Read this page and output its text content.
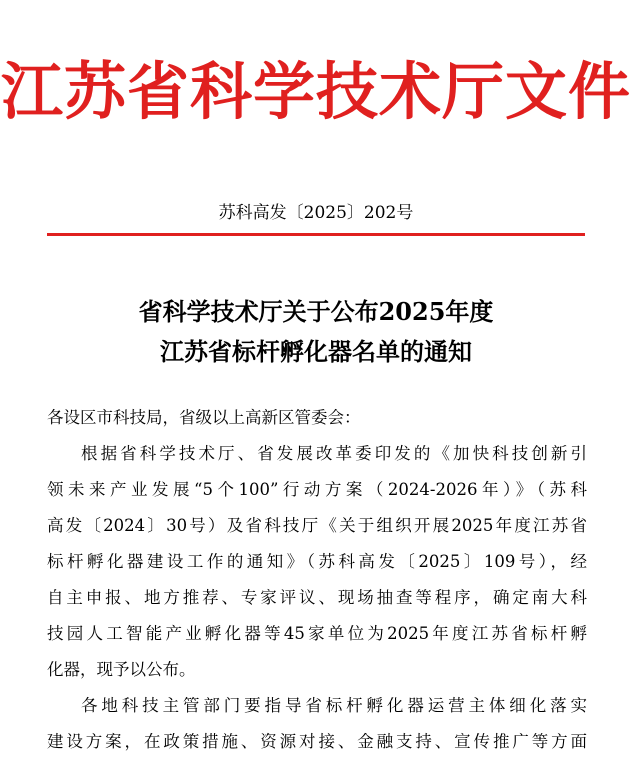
江苏省科学技术厅文件
苏科高发〔2025〕202号
省科学技术厅关于公布2025年度
江苏省标杆孵化器名单的通知
各设区市科技局，省级以上高新区管委会：
根据省科学技术厅、省发展改革委印发的《加快科技创新引
领未来产业发展“5个100”行动方案（2024-2026年）》（苏科
高发〔2024〕30号）及省科技厅《关于组织开展2025年度江苏省
标杆孵化器建设工作的通知》（苏科高发〔2025〕109号），经
自主申报、地方推荐、专家评议、现场抽查等程序，确定南大科
技园人工智能产业孵化器等45家单位为2025年度江苏省标杆孵
化器，现予以公布。
各地科技主管部门要指导省标杆孵化器运营主体细化落实
建设方案，在政策措施、资源对接、金融支持、宣传推广等方面
